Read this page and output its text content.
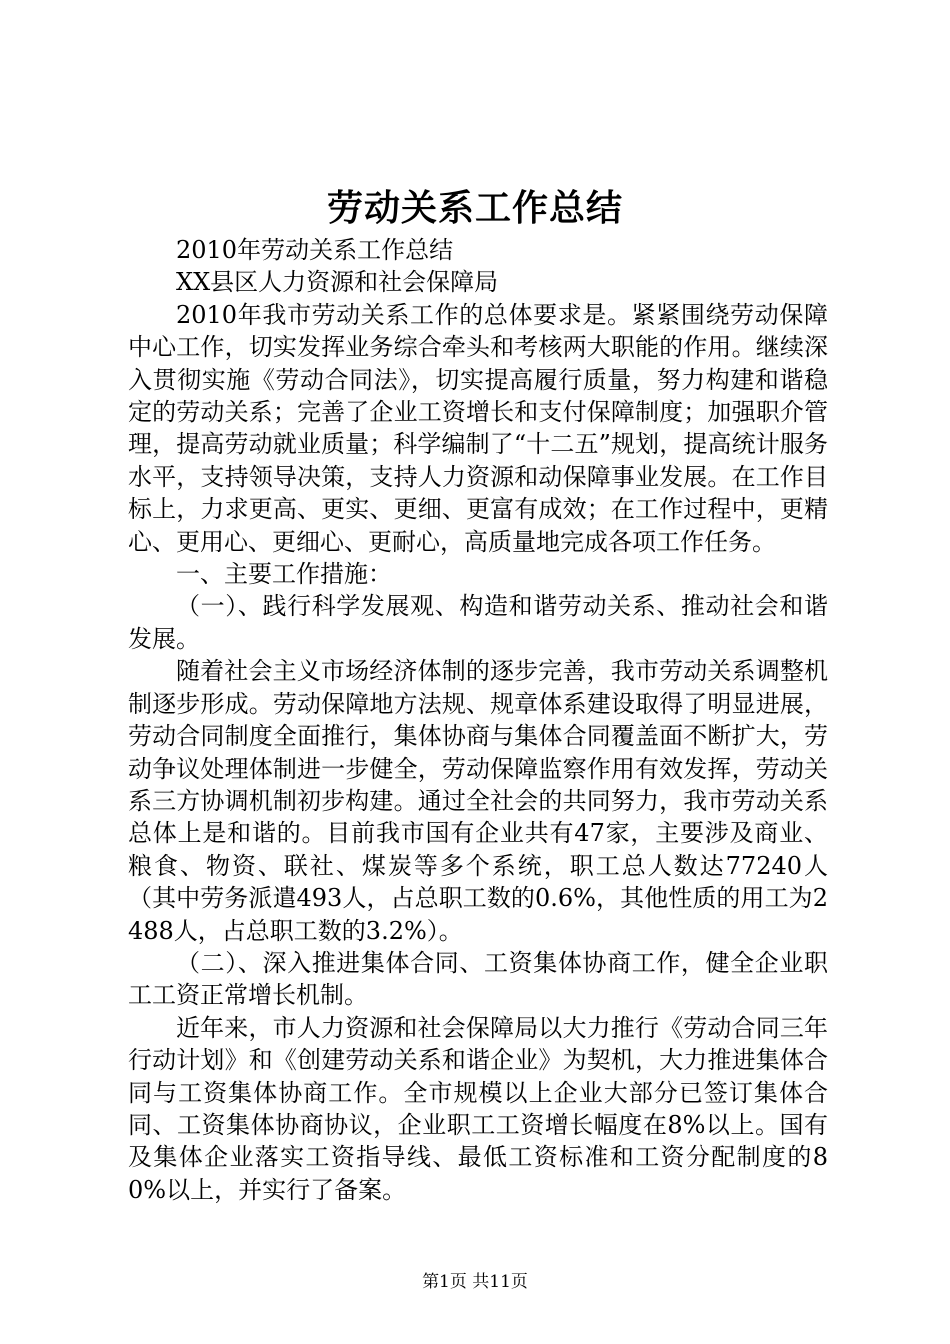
劳动关系工作总结

2010年劳动关系工作总结

XX县区人力资源和社会保障局

2010年我市劳动关系工作的总体要求是。紧紧围绕劳动保障中心工作，切实发挥业务综合牵头和考核两大职能的作用。继续深入贯彻实施《劳动合同法》，切实提高履行质量，努力构建和谐稳定的劳动关系；完善了企业工资增长和支付保障制度；加强职介管理，提高劳动就业质量；科学编制了“十二五”规划，提高统计服务水平，支持领导决策，支持人力资源和动保障事业发展。在工作目标上，力求更高、更实、更细、更富有成效；在工作过程中，更精心、更用心、更细心、更耐心，高质量地完成各项工作任务。

一、主要工作措施：

（一）、践行科学发展观、构造和谐劳动关系、推动社会和谐发展。

随着社会主义市场经济体制的逐步完善，我市劳动关系调整机制逐步形成。劳动保障地方法规、规章体系建设取得了明显进展，劳动合同制度全面推行，集体协商与集体合同覆盖面不断扩大，劳动争议处理体制进一步健全，劳动保障监察作用有效发挥，劳动关系三方协调机制初步构建。通过全社会的共同努力，我市劳动关系总体上是和谐的。目前我市国有企业共有47家，主要涉及商业、粮食、物资、联社、煤炭等多个系统，职工总人数达77240人（其中劳务派遣493人，占总职工数的0.6%，其他性质的用工为2488人，占总职工数的3.2%）。

（二）、深入推进集体合同、工资集体协商工作，健全企业职工工资正常增长机制。

近年来，市人力资源和社会保障局以大力推行《劳动合同三年行动计划》和《创建劳动关系和谐企业》为契机，大力推进集体合同与工资集体协商工作。全市规模以上企业大部分已签订集体合同、工资集体协商协议，企业职工工资增长幅度在8%以上。国有及集体企业落实工资指导线、最低工资标准和工资分配制度的80%以上，并实行了备案。

第1页 共11页
